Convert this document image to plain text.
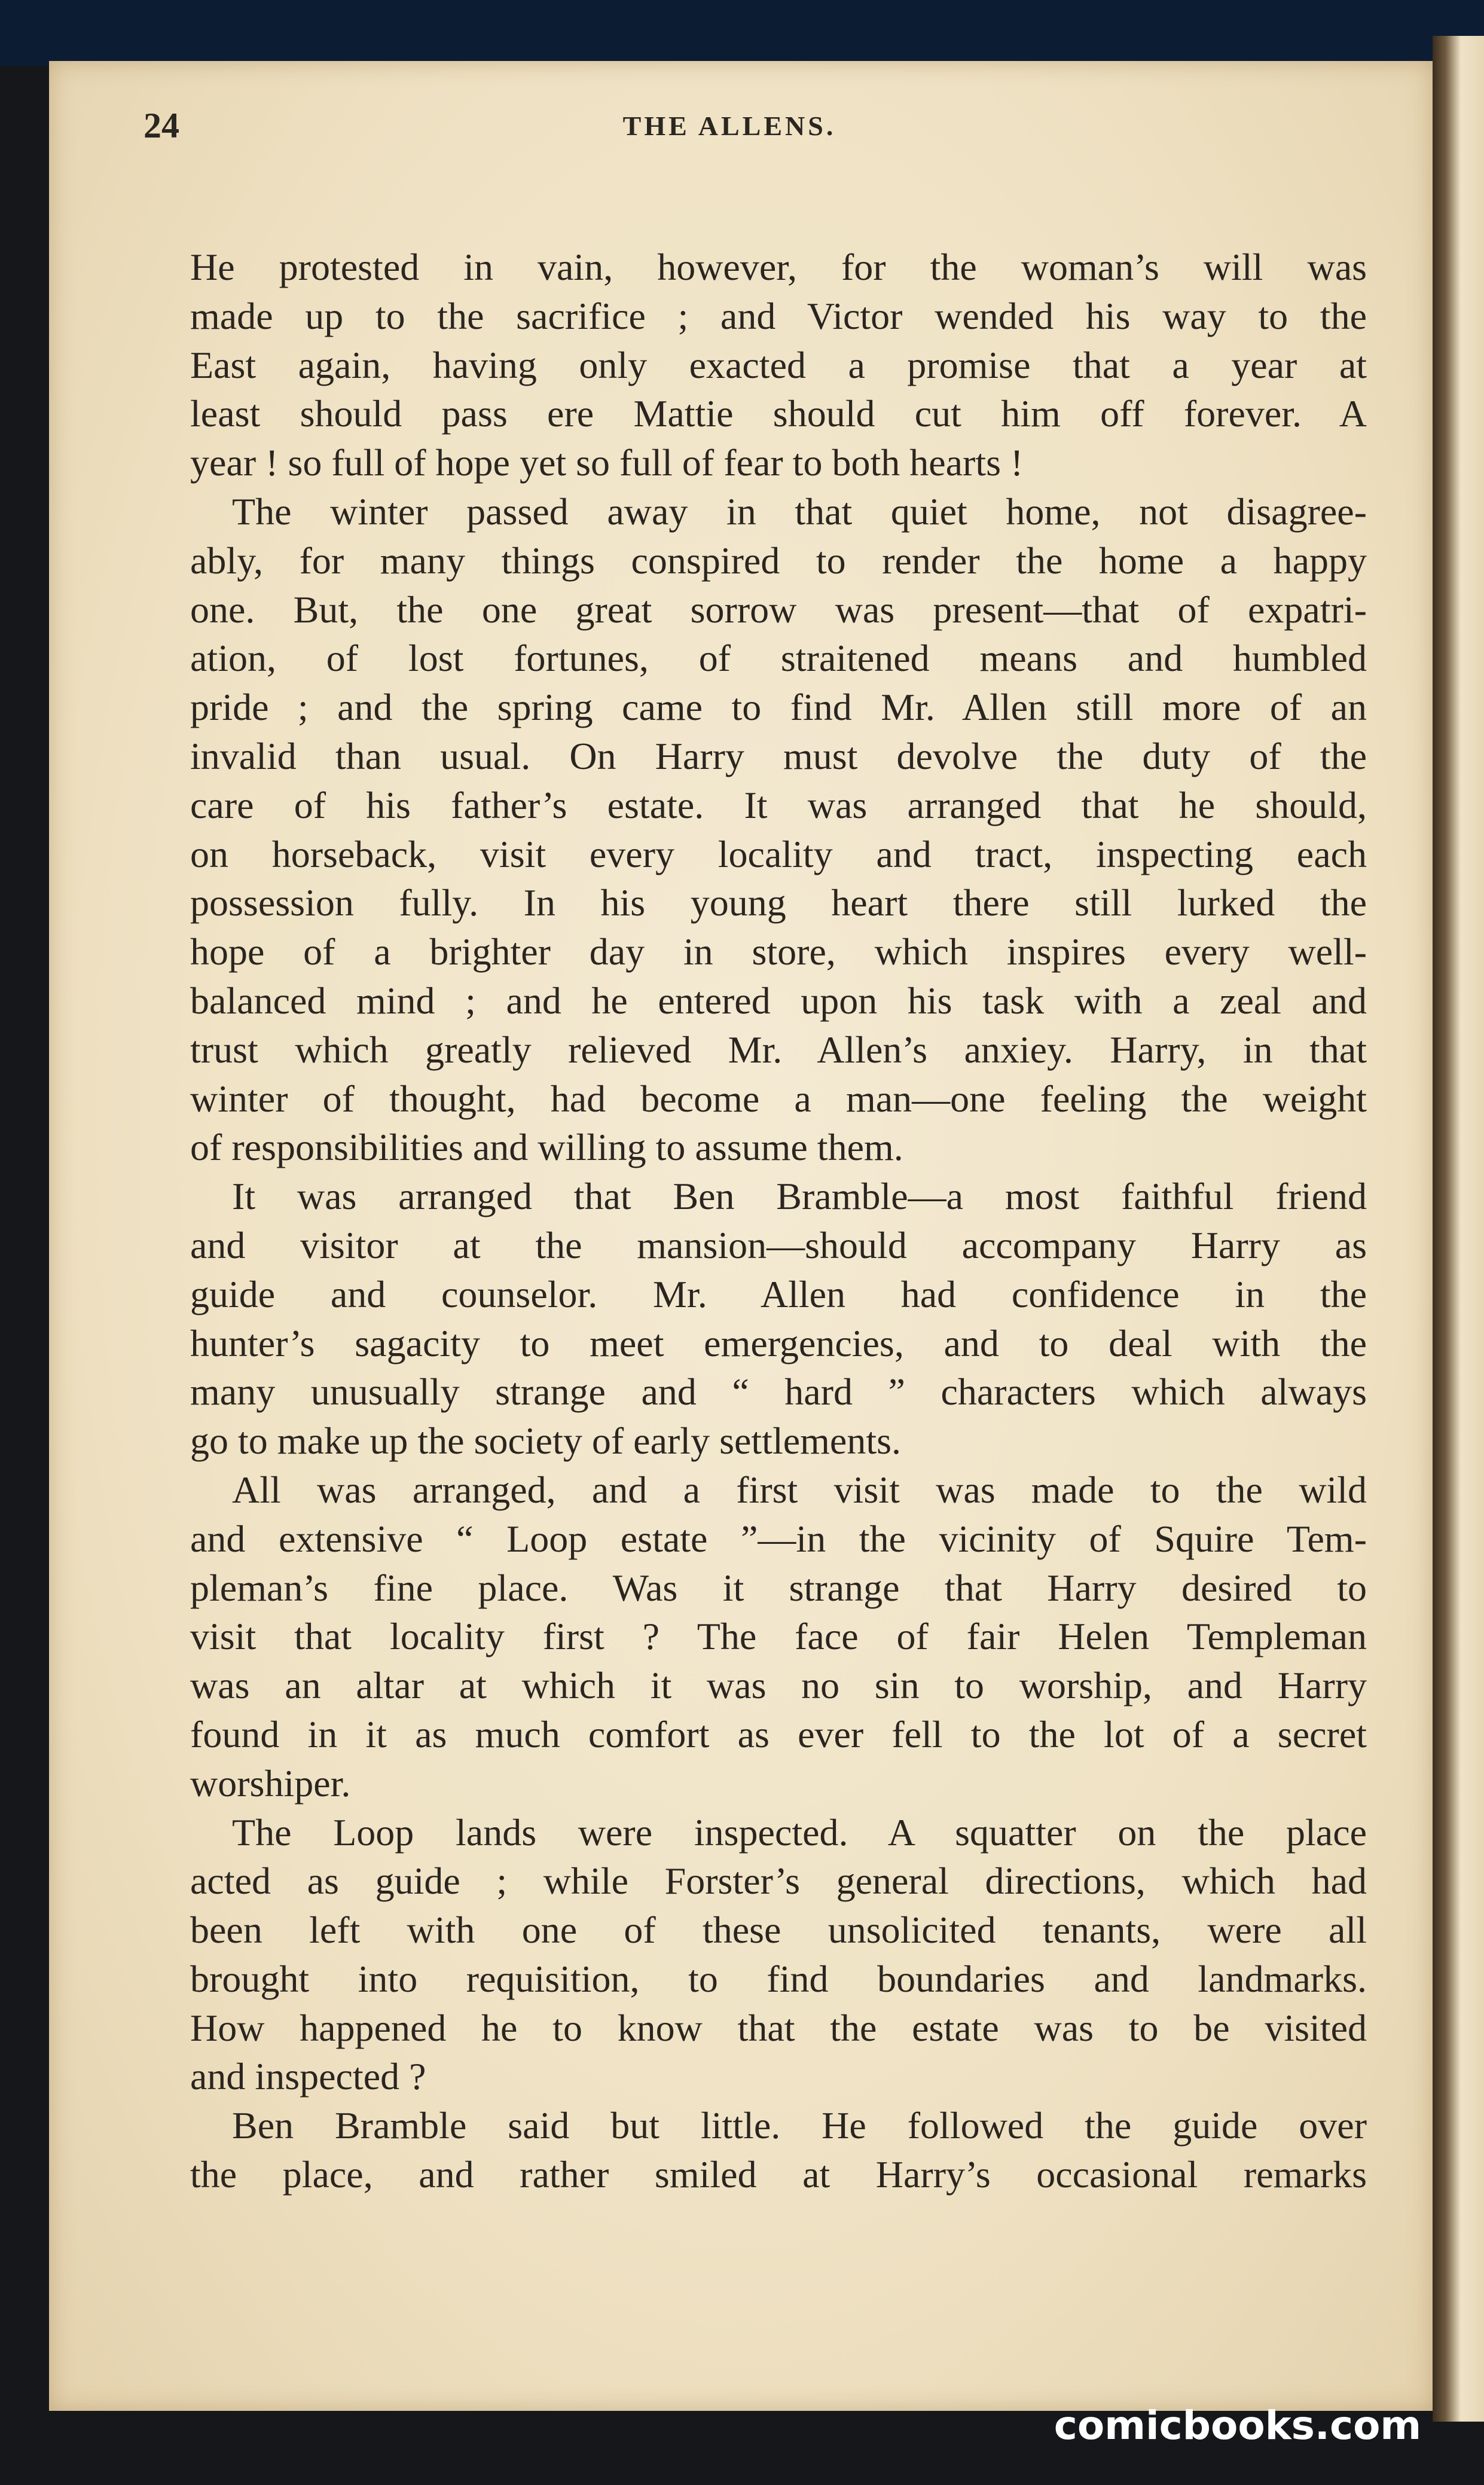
24	THE ALLENS.
He protested in vain, however, for the woman’s will was
made up to the sacrifice ; and Victor wended his way to the
East again, having only exacted a promise that a year at
least should pass ere Mattie should cut him off forever. A
year ! so full of hope yet so full of fear to both hearts !
The winter passed away in that quiet home, not disagree-
ably, for many things conspired to render the home a happy
one. But, the one great sorrow was present—that of expatri-
ation, of lost fortunes, of straitened means and humbled
pride ; and the spring came to find Mr. Allen still more of an
invalid than usual. On Harry must devolve the duty of the
care of his father’s estate. It was arranged that he should,
on horseback, visit every locality and tract, inspecting each
possession fully. In his young heart there still lurked the
hope of a brighter day in store, which inspires every well-
balanced mind ; and he entered upon his task with a zeal and
trust which greatly relieved Mr. Allen’s anxiey. Harry, in that
winter of thought, had become a man—one feeling the weight
of responsibilities and willing to assume them.
It was arranged that Ben Bramble—a most faithful friend
and visitor at the mansion—should accompany Harry as
guide and counselor. Mr. Allen had confidence in the
hunter’s sagacity to meet emergencies, and to deal with the
many unusually strange and “ hard ” characters which always
go to make up the society of early settlements.
All was arranged, and a first visit was made to the wild
and extensive “ Loop estate ”—in the vicinity of Squire Tem-
pleman’s fine place. Was it strange that Harry desired to
visit that locality first ? The face of fair Helen Templeman
was an altar at which it was no sin to worship, and Harry
found in it as much comfort as ever fell to the lot of a secret
worshiper.
The Loop lands were inspected. A squatter on the place
acted as guide ; while Forster’s general directions, which had
been left with one of these unsolicited tenants, were all
brought into requisition, to find boundaries and landmarks.
How happened he to know that the estate was to be visited
and inspected ?
Ben Bramble said but little. He followed the guide over
the place, and rather smiled at Harry’s occasional remarks
comicbooks.com
